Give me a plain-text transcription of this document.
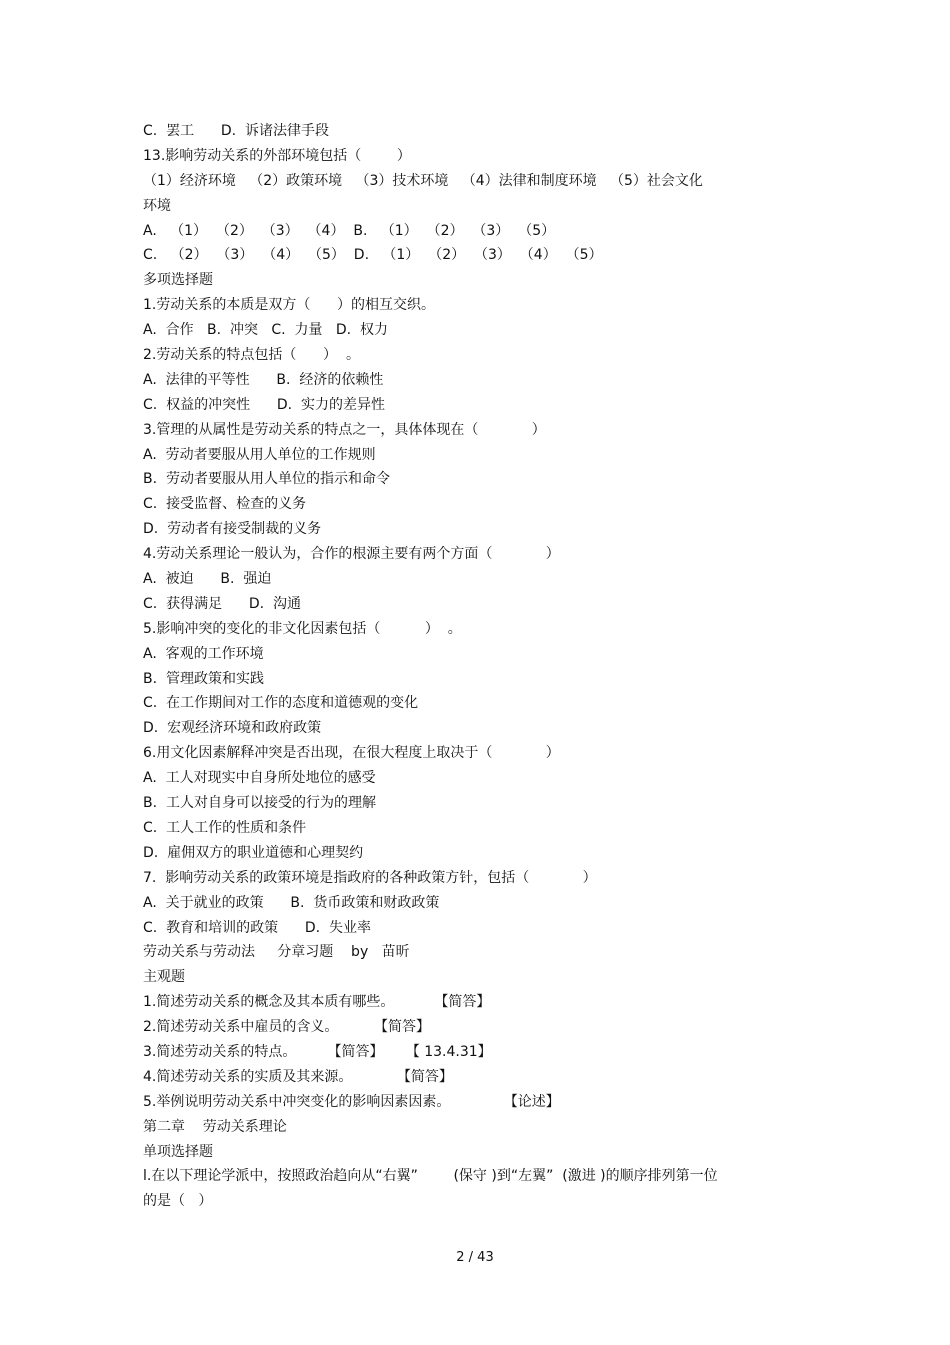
C.  罢工      D.  诉诸法律手段
13.影响劳动关系的外部环境包括（        ）
（1）经济环境   （2）政策环境   （3）技术环境   （4）法律和制度环境   （5）社会文化
环境
A.   （1）  （2）  （3）  （4）  B.   （1）  （2）  （3）  （5）
C.   （2）  （3）  （4）  （5）  D.   （1）  （2）  （3）  （4）  （5）
多项选择题
1.劳动关系的本质是双方（      ）的相互交织。
A.  合作   B.  冲突   C.  力量   D.  权力
2.劳动关系的特点包括（      ）  。
A.  法律的平等性      B.  经济的依赖性
C.  权益的冲突性      D.  实力的差异性
3.管理的从属性是劳动关系的特点之一，具体体现在（            ）
A.  劳动者要服从用人单位的工作规则
B.  劳动者要服从用人单位的指示和命令
C.  接受监督、检查的义务
D.  劳动者有接受制裁的义务
4.劳动关系理论一般认为，合作的根源主要有两个方面（            ）
A.  被迫      B.  强迫
C.  获得满足      D.  沟通
5.影响冲突的变化的非文化因素包括（          ）  。
A.  客观的工作环境
B.  管理政策和实践
C.  在工作期间对工作的态度和道德观的变化
D.  宏观经济环境和政府政策
6.用文化因素解释冲突是否出现，在很大程度上取决于（            ）
A.  工人对现实中自身所处地位的感受
B.  工人对自身可以接受的行为的理解
C.  工人工作的性质和条件
D.  雇佣双方的职业道德和心理契约
7.  影响劳动关系的政策环境是指政府的各种政策方针，包括（            ）
A.  关于就业的政策      B.  货币政策和财政政策
C.  教育和培训的政策      D.  失业率
劳动关系与劳动法     分章习题    by   苗昕
主观题
1.简述劳动关系的概念及其本质有哪些。         【简答】
2.简述劳动关系中雇员的含义。        【简答】
3.简述劳动关系的特点。       【简答】     【 13.4.31】
4.简述劳动关系的实质及其来源。          【简答】
5.举例说明劳动关系中冲突变化的影响因素因素。            【论述】
第二章    劳动关系理论
单项选择题
l.在以下理论学派中，按照政治趋向从“右翼”        (保守 )到“左翼”  (激进 )的顺序排列第一位
的是（   ）
2 / 43
